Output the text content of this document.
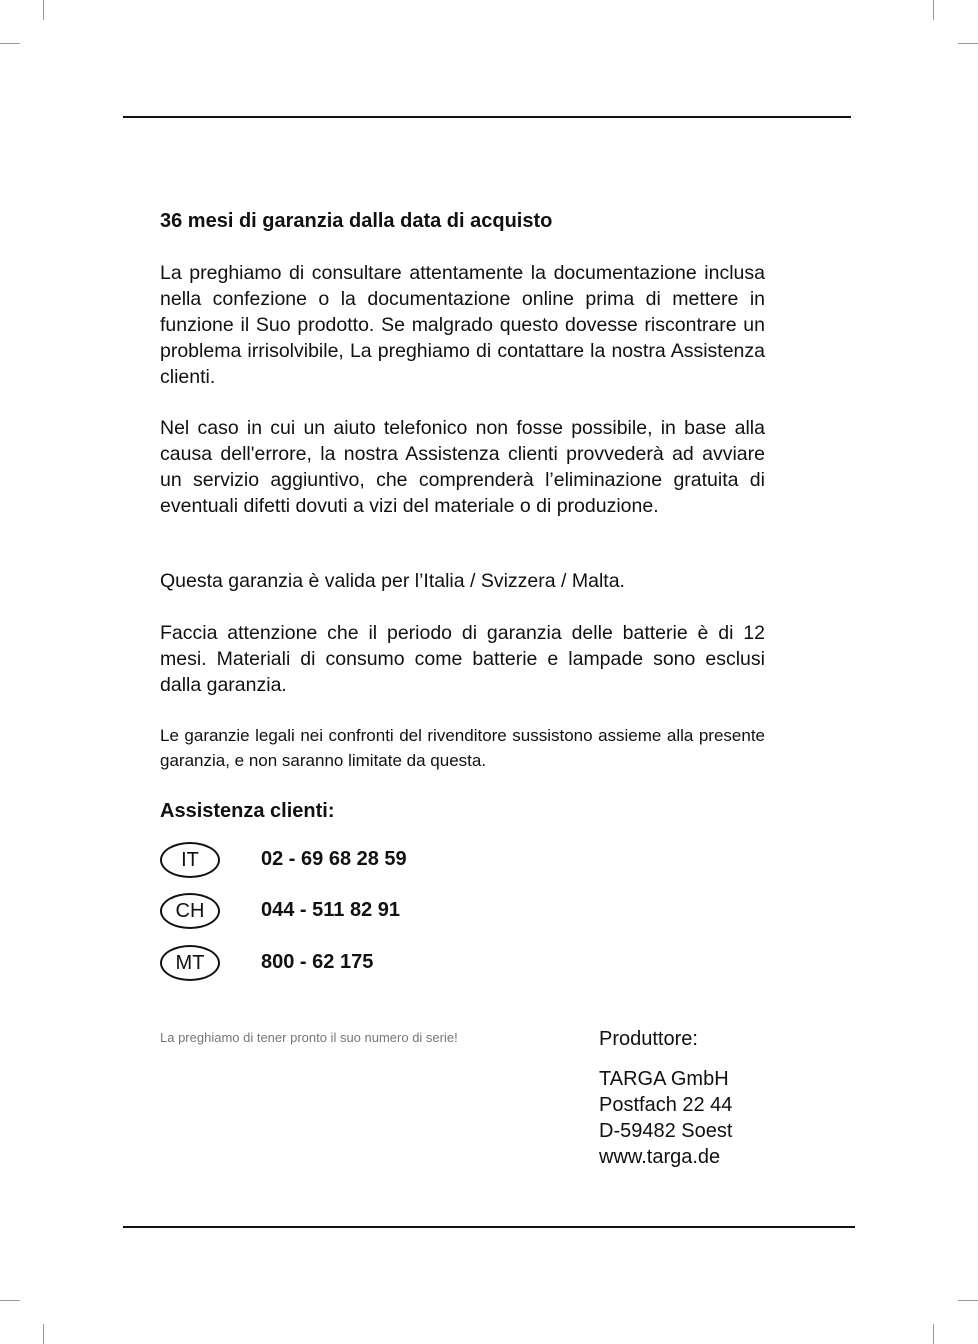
36 mesi di garanzia dalla data di acquisto
La preghiamo di consultare attentamente la documentazione inclusa nella confezione o la documentazione online prima di mettere in funzione il Suo prodotto. Se malgrado questo dovesse riscontrare un problema irrisolvibile, La preghiamo di contattare la nostra Assistenza clienti.
Nel caso in cui un aiuto telefonico non fosse possibile, in base alla causa dell'errore, la nostra Assistenza clienti provvederà ad avviare un servizio aggiuntivo, che comprenderà l’eliminazione gratuita di eventuali difetti dovuti a vizi del materiale o di produzione.
Questa garanzia è valida per l’Italia / Svizzera / Malta.
Faccia attenzione che il periodo di garanzia delle batterie è di 12 mesi. Materiali di consumo come batterie e lampade sono esclusi dalla garanzia.
Le garanzie legali nei confronti del rivenditore sussistono assieme alla presente garanzia, e non saranno limitate da questa.
Assistenza clienti:
IT	02 - 69 68 28 59
CH	044 - 511 82 91
MT	800 - 62 175
La preghiamo di tener pronto il suo numero di serie!	Produttore:
TARGA GmbH
Postfach 22 44
D-59482 Soest
www.targa.de
